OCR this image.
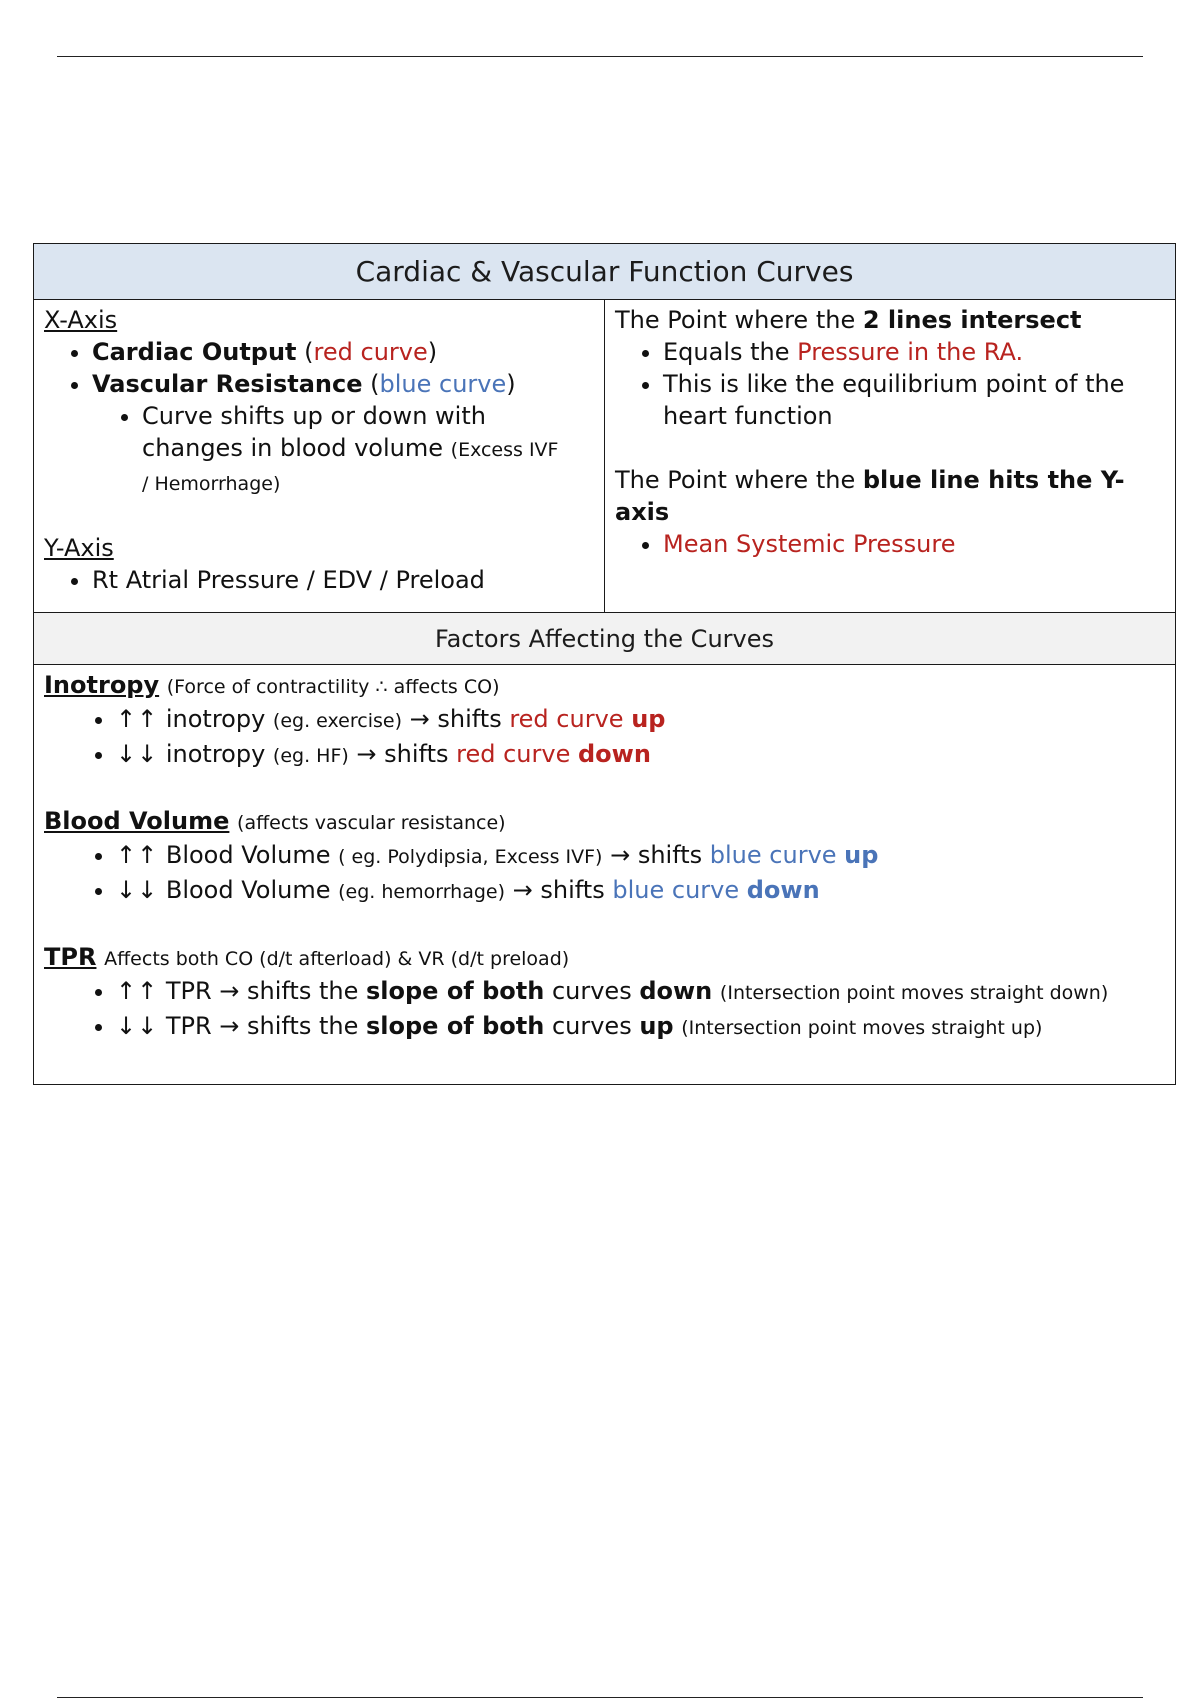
Cardiac & Vascular Function Curves

X-Axis
• Cardiac Output (red curve)
• Vascular Resistance (blue curve)
• Curve shifts up or down with changes in blood volume (Excess IVF / Hemorrhage)
Y-Axis
• Rt Atrial Pressure / EDV / Preload

The Point where the 2 lines intersect
• Equals the Pressure in the RA.
• This is like the equilibrium point of the heart function
The Point where the blue line hits the Y-axis
• Mean Systemic Pressure

Factors Affecting the Curves

Inotropy (Force of contractility ∴ affects CO)
• ↑↑ inotropy (eg. exercise) → shifts red curve up
• ↓↓ inotropy (eg. HF) → shifts red curve down
Blood Volume (affects vascular resistance)
• ↑↑ Blood Volume ( eg. Polydipsia, Excess IVF) → shifts blue curve up
• ↓↓ Blood Volume (eg. hemorrhage) → shifts blue curve down
TPR Affects both CO (d/t afterload) & VR (d/t preload)
• ↑↑ TPR → shifts the slope of both curves down (Intersection point moves straight down)
• ↓↓ TPR → shifts the slope of both curves up (Intersection point moves straight up)
